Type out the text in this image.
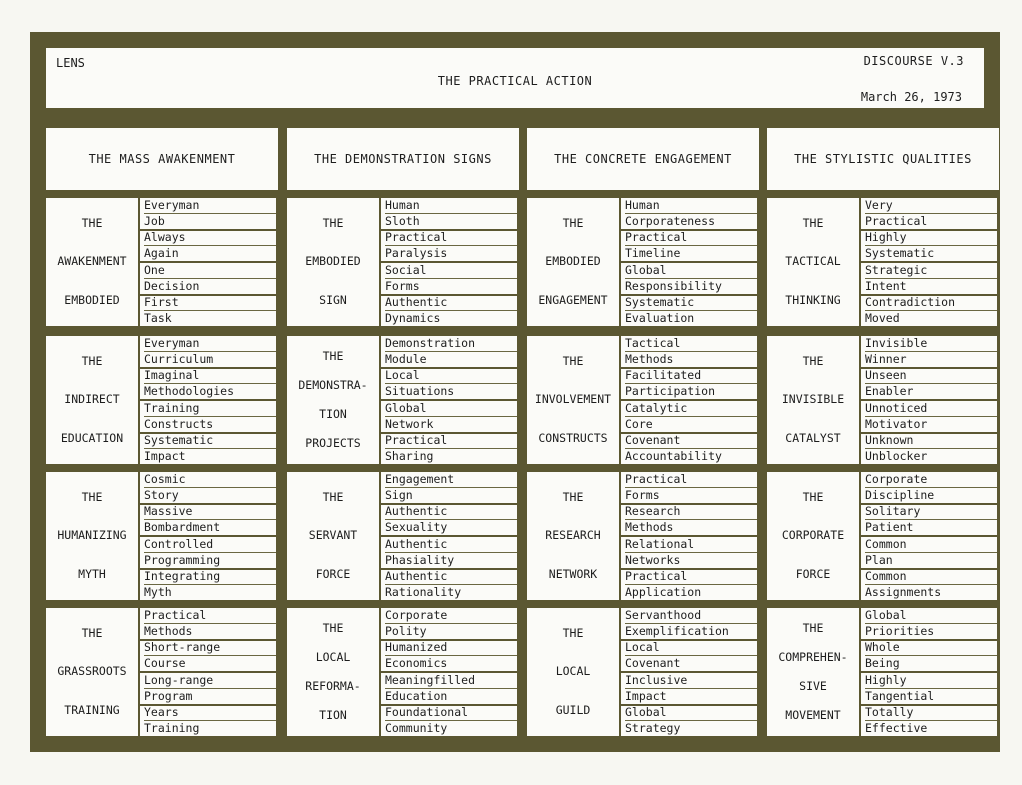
LENS	DISCOURSE V.3
THE PRACTICAL ACTION
March 26, 1973
THE MASS AWAKENMENT
THE
AWAKENMENT
EMBODIED
Everyman
Job
Always
Again
One
Decision
First
Task
THE
INDIRECT
EDUCATION
Everyman
Curriculum
Imaginal
Methodologies
Training
Constructs
Systematic
Impact
THE
HUMANIZING
MYTH
Cosmic
Story
Massive
Bombardment
Controlled
Programming
Integrating
Myth
THE
GRASSROOTS
TRAINING
Practical
Methods
Short-range
Course
Long-range
Program
Years
Training
THE DEMONSTRATION SIGNS
THE
EMBODIED
SIGN
Human
Sloth
Practical
Paralysis
Social
Forms
Authentic
Dynamics
THE
DEMONSTRA-
TION
PROJECTS
Demonstration
Module
Local
Situations
Global
Network
Practical
Sharing
THE
SERVANT
FORCE
Engagement
Sign
Authentic
Sexuality
Authentic
Phasiality
Authentic
Rationality
THE
LOCAL
REFORMA-
TION
Corporate
Polity
Humanized
Economics
Meaningfilled
Education
Foundational
Community
THE CONCRETE ENGAGEMENT
THE
EMBODIED
ENGAGEMENT
Human
Corporateness
Practical
Timeline
Global
Responsibility
Systematic
Evaluation
THE
INVOLVEMENT
CONSTRUCTS
Tactical
Methods
Facilitated
Participation
Catalytic
Core
Covenant
Accountability
THE
RESEARCH
NETWORK
Practical
Forms
Research
Methods
Relational
Networks
Practical
Application
THE
LOCAL
GUILD
Servanthood
Exemplification
Local
Covenant
Inclusive
Impact
Global
Strategy
THE STYLISTIC QUALITIES
THE
TACTICAL
THINKING
Very
Practical
Highly
Systematic
Strategic
Intent
Contradiction
Moved
THE
INVISIBLE
CATALYST
Invisible
Winner
Unseen
Enabler
Unnoticed
Motivator
Unknown
Unblocker
THE
CORPORATE
FORCE
Corporate
Discipline
Solitary
Patient
Common
Plan
Common
Assignments
THE
COMPREHEN-
SIVE
MOVEMENT
Global
Priorities
Whole
Being
Highly
Tangential
Totally
Effective
